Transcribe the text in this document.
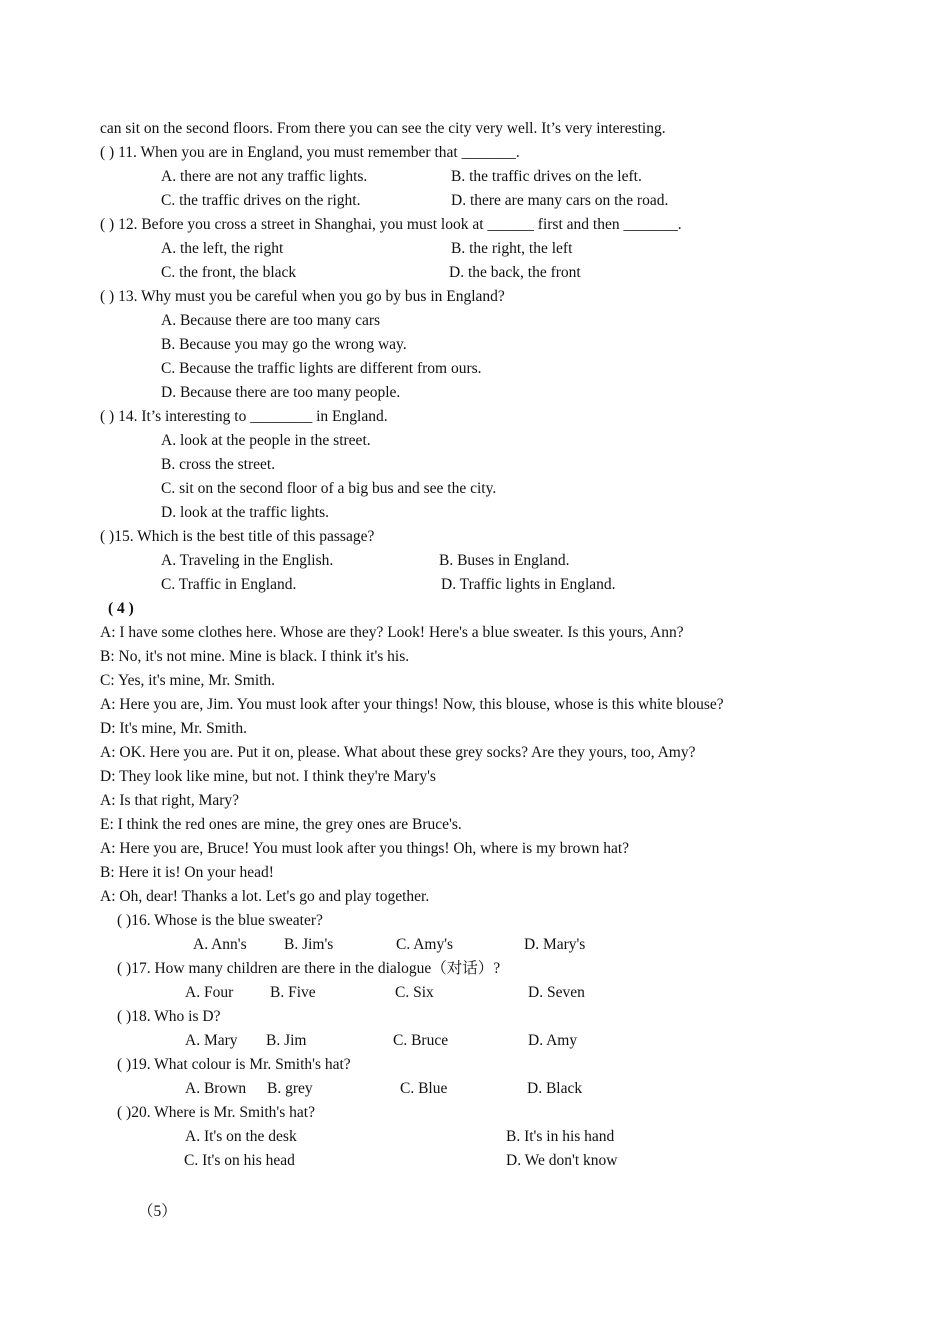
can sit on the second floors. From there you can see the city very well. It’s very interesting.
( ) 11. When you are in England, you must remember that _______.
A. there are not any traffic lights.	B. the traffic drives on the left.
C. the traffic drives on the right.	D. there are many cars on the road.
( ) 12. Before you cross a street in Shanghai, you must look at ______ first and then _______.
A. the left, the right	B. the right, the left
C. the front, the black	D. the back, the front
( ) 13. Why must you be careful when you go by bus in England?
A. Because there are too many cars
B. Because you may go the wrong way.
C. Because the traffic lights are different from ours.
D. Because there are too many people.
( ) 14. It’s interesting to ________ in England.
A. look at the people in the street.
B. cross the street.
C. sit on the second floor of a big bus and see the city.
D. look at the traffic lights.
( )15. Which is the best title of this passage?
A. Traveling in the English.	B. Buses in England.
C. Traffic in England.	D. Traffic lights in England.
( 4 )
A: I have some clothes here. Whose are they? Look! Here's a blue sweater. Is this yours, Ann?
B: No, it's not mine. Mine is black. I think it's his.
C: Yes, it's mine, Mr. Smith.
A: Here you are, Jim. You must look after your things! Now, this blouse, whose is this white blouse?
D: It's mine, Mr. Smith.
A: OK. Here you are. Put it on, please. What about these grey socks? Are they yours, too, Amy?
D: They look like mine, but not. I think they're Mary's
A: Is that right, Mary?
E: I think the red ones are mine, the grey ones are Bruce's.
A: Here you are, Bruce! You must look after you things! Oh, where is my brown hat?
B: Here it is! On your head!
A: Oh, dear! Thanks a lot. Let's go and play together.
( )16. Whose is the blue sweater?
A. Ann's B. Jim's	C. Amy's	D. Mary's
( )17. How many children are there in the dialogue（对话）?
A. Four B. Five	C. Six	D. Seven
( )18. Who is D?
A. Mary B. Jim	C. Bruce	D. Amy
( )19. What colour is Mr. Smith's hat?
A. Brown B. grey	C. Blue	D. Black
( )20. Where is Mr. Smith's hat?
A. It's on the desk	B. It's in his hand
C. It's on his head	D. We don't know
（5）
